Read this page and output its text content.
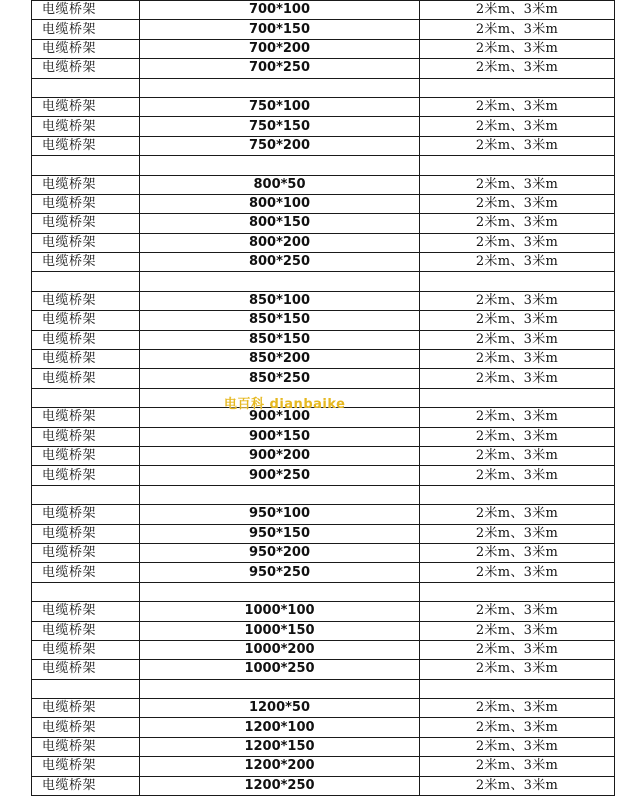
电缆桥架	700*100	2米m、3米m
电缆桥架	700*150	2米m、3米m
电缆桥架	700*200	2米m、3米m
电缆桥架	700*250	2米m、3米m

电缆桥架	750*100	2米m、3米m
电缆桥架	750*150	2米m、3米m
电缆桥架	750*200	2米m、3米m

电缆桥架	800*50	2米m、3米m
电缆桥架	800*100	2米m、3米m
电缆桥架	800*150	2米m、3米m
电缆桥架	800*200	2米m、3米m
电缆桥架	800*250	2米m、3米m

电缆桥架	850*100	2米m、3米m
电缆桥架	850*150	2米m、3米m
电缆桥架	850*150	2米m、3米m
电缆桥架	850*200	2米m、3米m
电缆桥架	850*250	2米m、3米m

电缆桥架	900*100	2米m、3米m
电缆桥架	900*150	2米m、3米m
电缆桥架	900*200	2米m、3米m
电缆桥架	900*250	2米m、3米m

电缆桥架	950*100	2米m、3米m
电缆桥架	950*150	2米m、3米m
电缆桥架	950*200	2米m、3米m
电缆桥架	950*250	2米m、3米m

电缆桥架	1000*100	2米m、3米m
电缆桥架	1000*150	2米m、3米m
电缆桥架	1000*200	2米m、3米m
电缆桥架	1000*250	2米m、3米m

电缆桥架	1200*50	2米m、3米m
电缆桥架	1200*100	2米m、3米m
电缆桥架	1200*150	2米m、3米m
电缆桥架	1200*200	2米m、3米m
电缆桥架	1200*250	2米m、3米m
电百科 dianbaike
